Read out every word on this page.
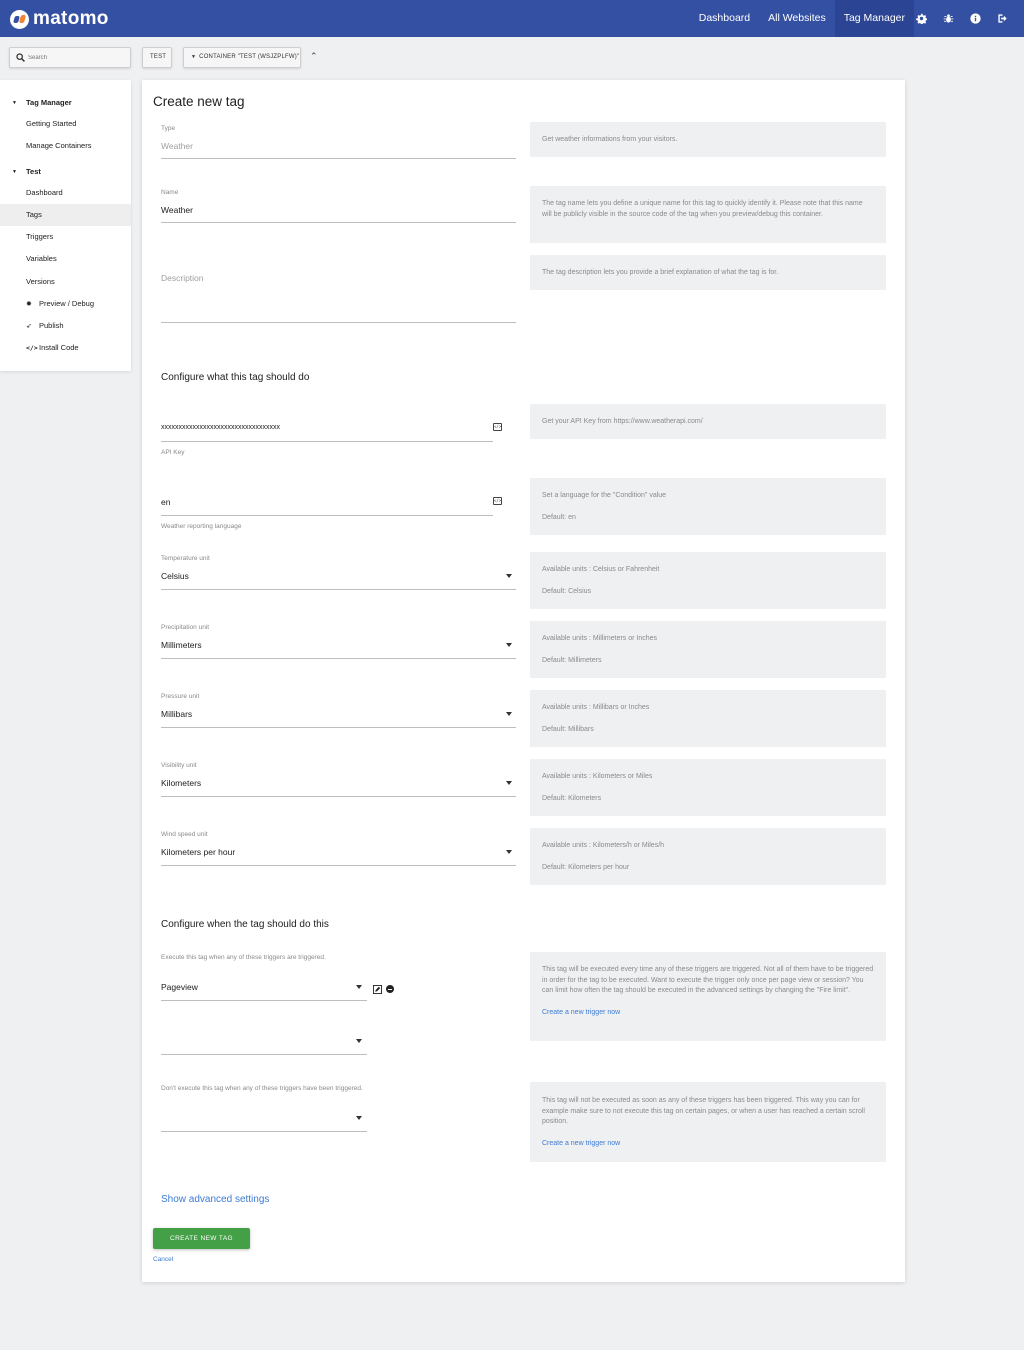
matomo	Dashboard	All Websites	Tag Manager
Search
TEST	▼ CONTAINER "TEST (WSJZPLFW)" ⌃
▼ Tag Manager
Getting Started
Manage Containers
▼ Test
Dashboard
Tags
Triggers
Variables
Versions
✹ Preview / Debug
➶ Publish
</>Install Code
Create new tag
Type
Weather
Get weather informations from your visitors.
Name
Weather
The tag name lets you define a unique name for this tag to quickly identify it. Please note that this name will be publicly visible in the source code of the tag when you preview/debug this container.
Description
The tag description lets you provide a brief explanation of what the tag is for.
Configure what this tag should do
xxxxxxxxxxxxxxxxxxxxxxxxxxxxxxxxxx	</>
API Key
Get your API Key from https://www.weatherapi.com/
en	</>
Weather reporting language
Set a language for the "Condition" value
Default: en
Temperature unit
Celsius
Available units : Celsius or Fahrenheit
Default: Celsius
Precipitation unit
Millimeters
Available units : Millimeters or Inches
Default: Millimeters
Pressure unit
Millibars
Available units : Millibars or Inches
Default: Millibars
Visibility unit
Kilometers
Available units : Kilometers or Miles
Default: Kilometers
Wind speed unit
Kilometers per hour
Available units : Kilometers/h or Miles/h
Default: Kilometers per hour
Configure when the tag should do this
Execute this tag when any of these triggers are triggered.
Pageview
This tag will be executed every time any of these triggers are triggered. Not all of them have to be triggered in order for the tag to be executed. Want to execute the trigger only once per page view or session? You can limit how often the tag should be executed in the advanced settings by changing the "Fire limit".
Create a new trigger now
Don't execute this tag when any of these triggers have been triggered.
This tag will not be executed as soon as any of these triggers has been triggered. This way you can for example make sure to not execute this tag on certain pages, or when a user has reached a certain scroll position.
Create a new trigger now
Show advanced settings
CREATE NEW TAG
Cancel
